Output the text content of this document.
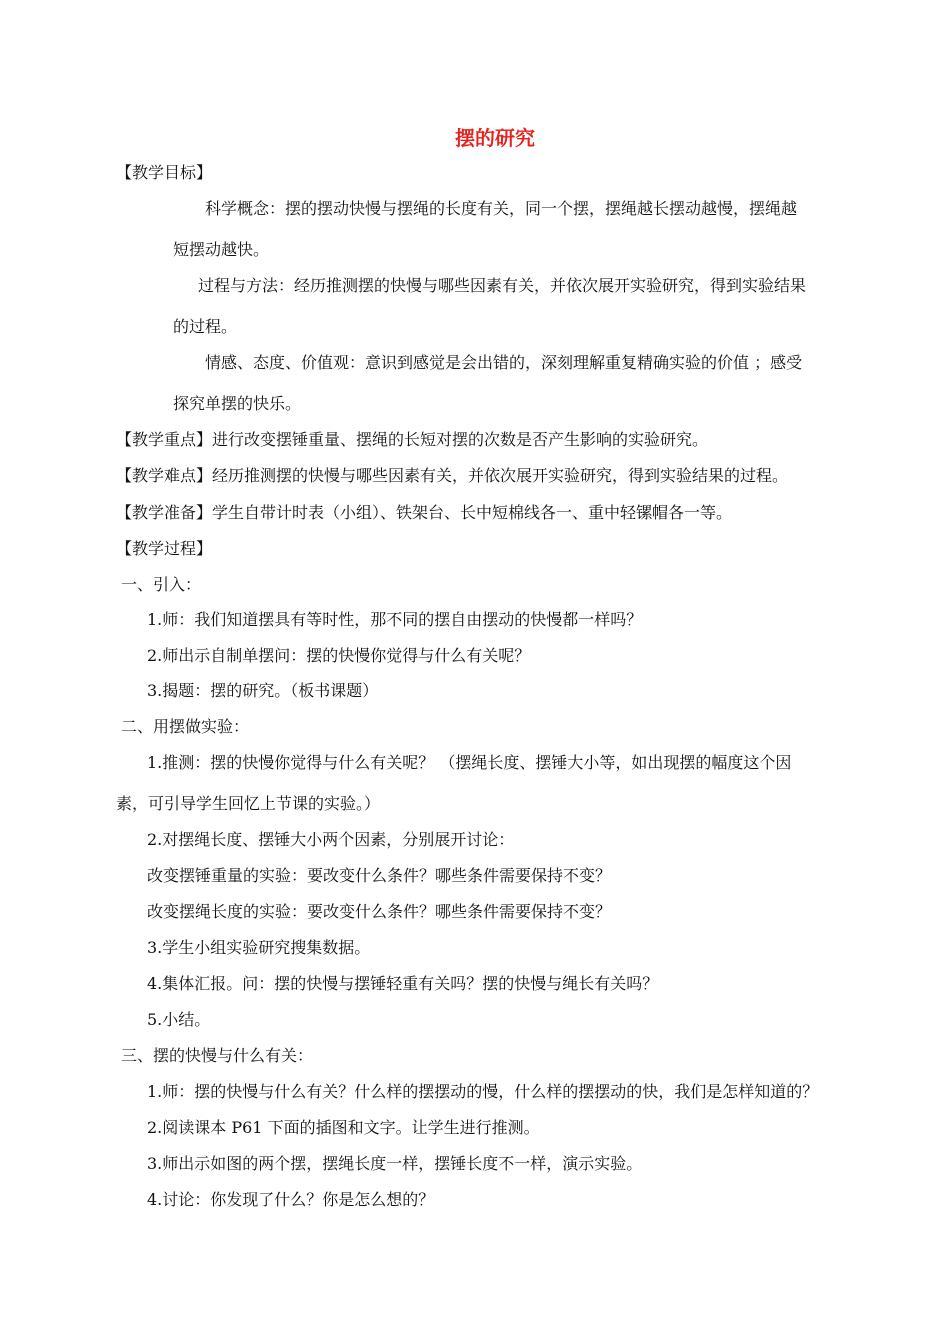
摆的研究
【教学目标】
科学概念：摆的摆动快慢与摆绳的长度有关，同一个摆，摆绳越长摆动越慢，摆绳越
短摆动越快。
过程与方法：经历推测摆的快慢与哪些因素有关，并依次展开实验研究，得到实验结果
的过程。
情感、态度、价值观：意识到感觉是会出错的，深刻理解重复精确实验的价值 ；感受
探究单摆的快乐。
【教学重点】进行改变摆锤重量、摆绳的长短对摆的次数是否产生影响的实验研究。
【教学难点】经历推测摆的快慢与哪些因素有关，并依次展开实验研究，得到实验结果的过程。
【教学准备】学生自带计时表（小组）、铁架台、长中短棉线各一、重中轻镙帽各一等。
【教学过程】
一、引入：
1.师：我们知道摆具有等时性，那不同的摆自由摆动的快慢都一样吗？
2.师出示自制单摆问：摆的快慢你觉得与什么有关呢？
3.揭题：摆的研究。（板书课题）
二、用摆做实验：
1.推测：摆的快慢你觉得与什么有关呢？ （摆绳长度、摆锤大小等，如出现摆的幅度这个因
素，可引导学生回忆上节课的实验。）
2.对摆绳长度、摆锤大小两个因素，分别展开讨论：
改变摆锤重量的实验：要改变什么条件？哪些条件需要保持不变？
改变摆绳长度的实验：要改变什么条件？哪些条件需要保持不变？
3.学生小组实验研究搜集数据。
4.集体汇报。问：摆的快慢与摆锤轻重有关吗？摆的快慢与绳长有关吗？
5.小结。
三、摆的快慢与什么有关：
1.师：摆的快慢与什么有关？什么样的摆摆动的慢，什么样的摆摆动的快，我们是怎样知道的？
2.阅读课本 P61 下面的插图和文字。让学生进行推测。
3.师出示如图的两个摆，摆绳长度一样，摆锤长度不一样，演示实验。
4.讨论：你发现了什么？你是怎么想的？
